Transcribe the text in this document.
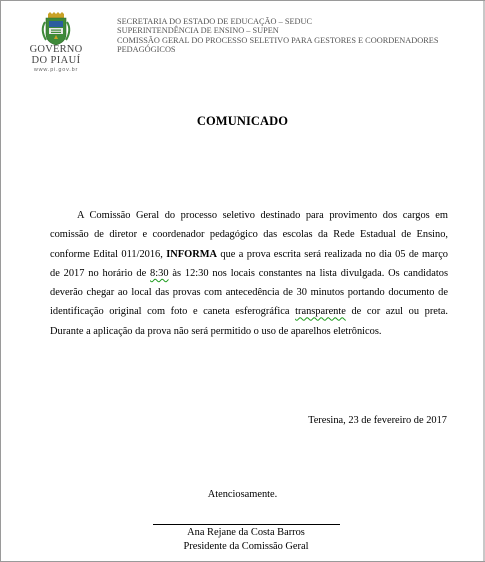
GOVERNO
DO PIAUÍ
www.pi.gov.br
SECRETARIA DO ESTADO DE EDUCAÇÃO – SEDUC
SUPERINTENDÊNCIA DE ENSINO – SUPEN
COMISSÃO GERAL DO PROCESSO SELETIVO PARA GESTORES E COORDENADORES PEDAGÓGICOS
COMUNICADO
A Comissão Geral do processo seletivo destinado para provimento dos cargos em comissão de diretor e coordenador pedagógico das escolas da Rede Estadual de Ensino, conforme Edital 011/2016, INFORMA que a prova escrita será realizada no dia 05 de março de 2017 no horário de 8:30 às 12:30 nos locais constantes na lista divulgada. Os candidatos deverão chegar ao local das provas com antecedência de 30 minutos portando documento de identificação original com foto e caneta esferográfica transparente de cor azul ou preta. Durante a aplicação da prova não será permitido o uso de aparelhos eletrônicos.
Teresina, 23 de fevereiro de 2017
Atenciosamente.
Ana Rejane da Costa Barros
Presidente da Comissão Geral
